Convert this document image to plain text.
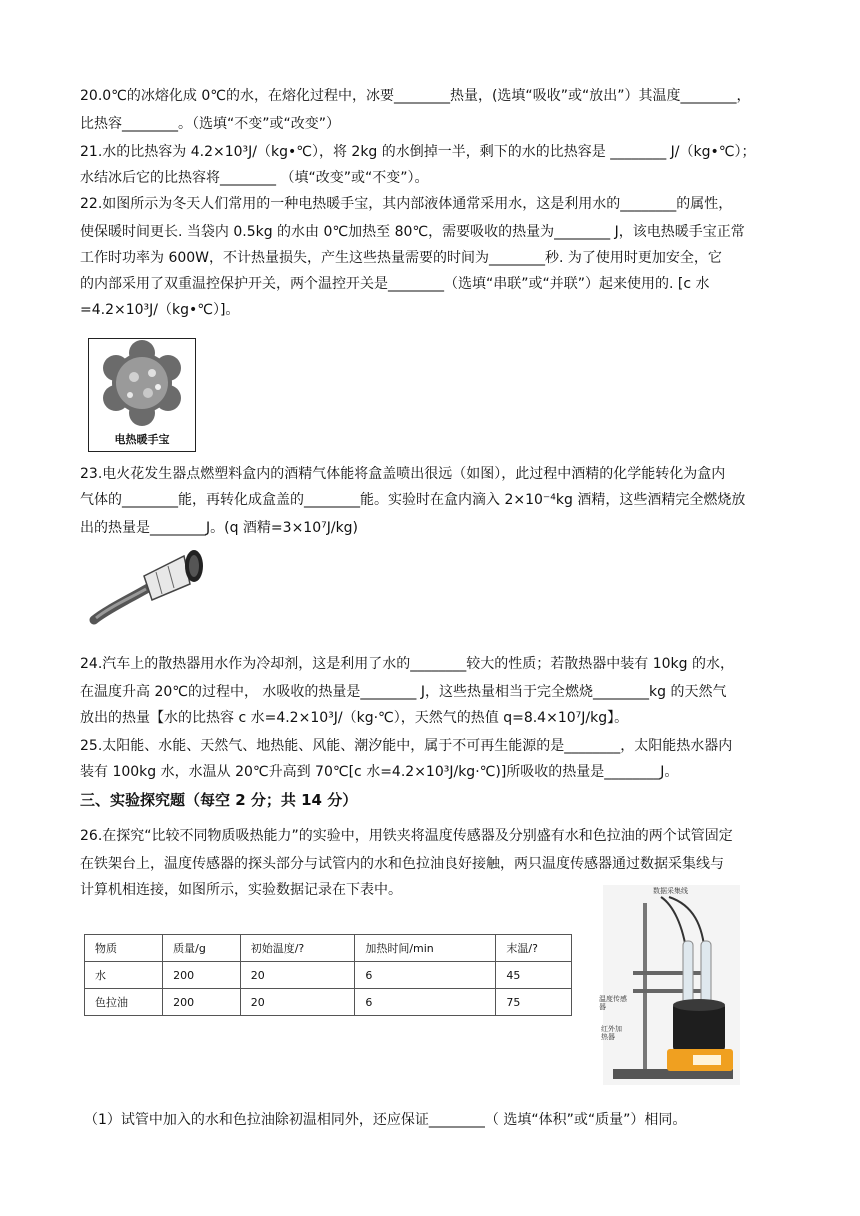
20.0℃的冰熔化成 0℃的水，在熔化过程中，冰要________热量，(选填“吸收”或“放出”）其温度________，
比热容________。（选填“不变”或“改变”）
21.水的比热容为 4.2×10³J/（kg•℃），将 2kg 的水倒掉一半，剩下的水的比热容是 ________ J/（kg•℃）；
水结冰后它的比热容将________ （填“改变”或“不变”）。
22.如图所示为冬天人们常用的一种电热暖手宝，其内部液体通常采用水，这是利用水的________的属性，
使保暖时间更长. 当袋内 0.5kg 的水由 0℃加热至 80℃，需要吸收的热量为________ J，该电热暖手宝正常
工作时功率为 600W，不计热量损失，产生这些热量需要的时间为________秒. 为了使用时更加安全，它
的内部采用了双重温控保护开关，两个温控开关是________（选填“串联”或“并联”）起来使用的. [c 水
=4.2×10³J/（kg•℃）]。
电热暖手宝
23.电火花发生器点燃塑料盒内的酒精气体能将盒盖喷出很远（如图），此过程中酒精的化学能转化为盒内
气体的________能，再转化成盒盖的________能。实验时在盒内滴入 2×10⁻⁴kg 酒精，这些酒精完全燃烧放
出的热量是________J。(q 酒精=3×10⁷J/kg)
24.汽车上的散热器用水作为冷却剂，这是利用了水的________较大的性质；若散热器中装有 10kg 的水，
在温度升高 20℃的过程中， 水吸收的热量是________ J，这些热量相当于完全燃烧________kg 的天然气
放出的热量【水的比热容 c 水=4.2×10³J/（kg·℃），天然气的热值 q=8.4×10⁷J/kg】。
25.太阳能、水能、天然气、地热能、风能、潮汐能中，属于不可再生能源的是________，太阳能热水器内
装有 100kg 水，水温从 20℃升高到 70℃[c 水=4.2×10³J/kg·℃)]所吸收的热量是________J。
三、实验探究题（每空 2 分；共 14 分）
26.在探究“比较不同物质吸热能力”的实验中，用铁夹将温度传感器及分别盛有水和色拉油的两个试管固定
在铁架台上，温度传感器的探头部分与试管内的水和色拉油良好接触，两只温度传感器通过数据采集线与
计算机相连接，如图所示，实验数据记录在下表中。
物质	质量/g	初始温度/?	加热时间/min	末温/?
水	200	20	6	45
色拉油	200	20	6	75
数据采集线
温度传感器
红外加热器
（1）试管中加入的水和色拉油除初温相同外，还应保证________（ 选填“体积”或“质量”）相同。
